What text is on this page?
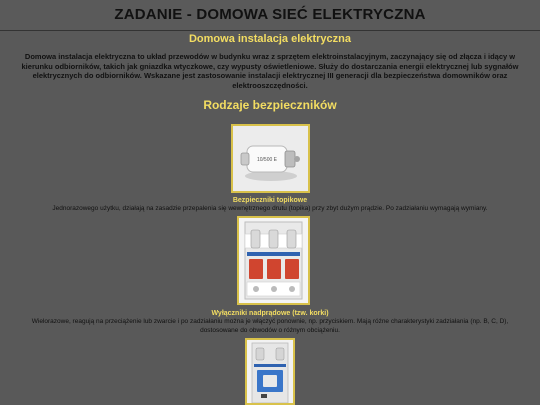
ZADANIE - DOMOWA SIEĆ ELEKTRYCZNA
Domowa instalacja elektryczna

Domowa instalacja elektryczna to układ przewodów w budynku wraz z sprzętem elektroinstalacyjnym, zaczynający się od złącza i idący w kierunku odbiorników, takich jak gniazdka wtyczkowe, czy wypusty oświetleniowe. Służy do dostarczania energii elektrycznej lub sygnałów elektrycznych do odbiorników. Wskazane jest zastosowanie instalacji elektrycznej III generacji dla bezpieczeństwa domowników oraz elektrooszczędności.

Rodzaje bezpieczników
10/500 E

Bezpieczniki topikowe

Jednorazowego użytku, działają na zasadzie przepalenia się wewnętrznego drutu (topika) przy zbyt dużym prądzie. Po zadziałaniu wymagają wymiany.

Wyłączniki nadprądowe (tzw. korki)

Wielorazowe, reagują na przeciążenie lub zwarcie i po zadziałaniu można je włączyć ponownie, np. przyciskiem. Mają różne charakterystyki zadziałania (np. B, C, D), dostosowane do obwodów o różnym obciążeniu.
